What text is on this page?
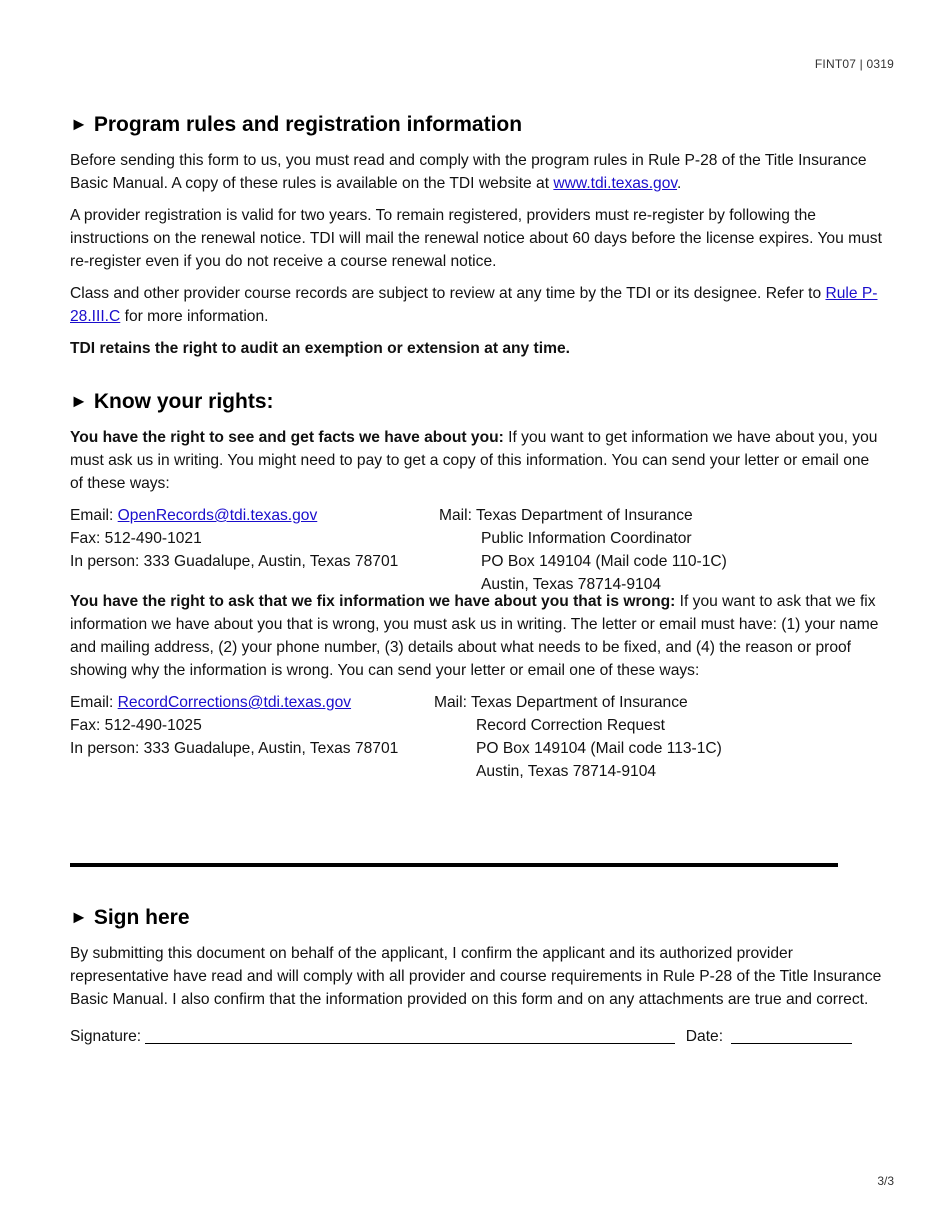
FINT07 | 0319
► Program rules and registration information

Before sending this form to us, you must read and comply with the program rules in Rule P-28 of the Title Insurance Basic Manual. A copy of these rules is available on the TDI website at www.tdi.texas.gov.

A provider registration is valid for two years. To remain registered, providers must re-register by following the instructions on the renewal notice. TDI will mail the renewal notice about 60 days before the license expires. You must re-register even if you do not receive a course renewal notice.

Class and other provider course records are subject to review at any time by the TDI or its designee. Refer to Rule P-28.III.C for more information.

TDI retains the right to audit an exemption or extension at any time.

► Know your rights:

You have the right to see and get facts we have about you: If you want to get information we have about you, you must ask us in writing. You might need to pay to get a copy of this information. You can send your letter or email one of these ways:

Email: OpenRecords@tdi.texas.gov
Fax: 512-490-1021
In person: 333 Guadalupe, Austin, Texas 78701
Mail: Texas Department of Insurance
Public Information Coordinator
PO Box 149104 (Mail code 110-1C)
Austin, Texas 78714-9104

You have the right to ask that we fix information we have about you that is wrong: If you want to ask that we fix information we have about you that is wrong, you must ask us in writing. The letter or email must have: (1) your name and mailing address, (2) your phone number, (3) details about what needs to be fixed, and (4) the reason or proof showing why the information is wrong. You can send your letter or email one of these ways:

Email: RecordCorrections@tdi.texas.gov
Fax: 512-490-1025
In person: 333 Guadalupe, Austin, Texas 78701
Mail: Texas Department of Insurance
Record Correction Request
PO Box 149104 (Mail code 113-1C)
Austin, Texas 78714-9104
► Sign here

By submitting this document on behalf of the applicant, I confirm the applicant and its authorized provider representative have read and will comply with all provider and course requirements in Rule P-28 of the Title Insurance Basic Manual. I also confirm that the information provided on this form and on any attachments are true and correct.

Signature:	Date:
3/3
